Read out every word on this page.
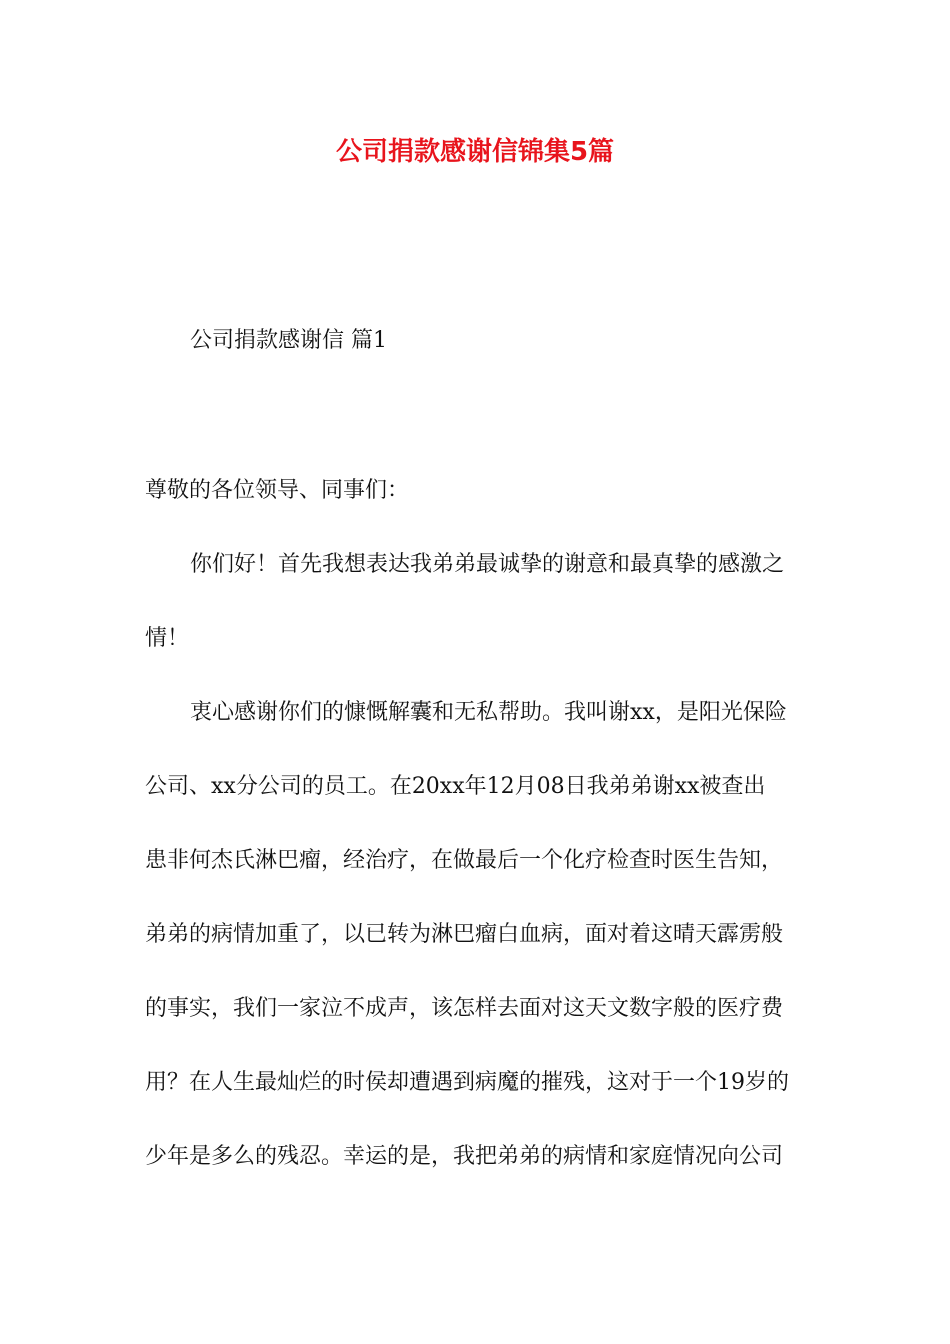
公司捐款感谢信锦集5篇

公司捐款感谢信 篇1

尊敬的各位领导、同事们：

你们好！首先我想表达我弟弟最诚挚的谢意和最真挚的感激之

情！

衷心感谢你们的慷慨解囊和无私帮助。我叫谢xx，是阳光保险

公司、xx分公司的员工。在20xx年12月08日我弟弟谢xx被查出

患非何杰氏淋巴瘤，经治疗，在做最后一个化疗检查时医生告知，

弟弟的病情加重了，以已转为淋巴瘤白血病，面对着这晴天霹雳般

的事实，我们一家泣不成声，该怎样去面对这天文数字般的医疗费

用？在人生最灿烂的时侯却遭遇到病魔的摧残，这对于一个19岁的

少年是多么的残忍。幸运的是，我把弟弟的病情和家庭情况向公司
